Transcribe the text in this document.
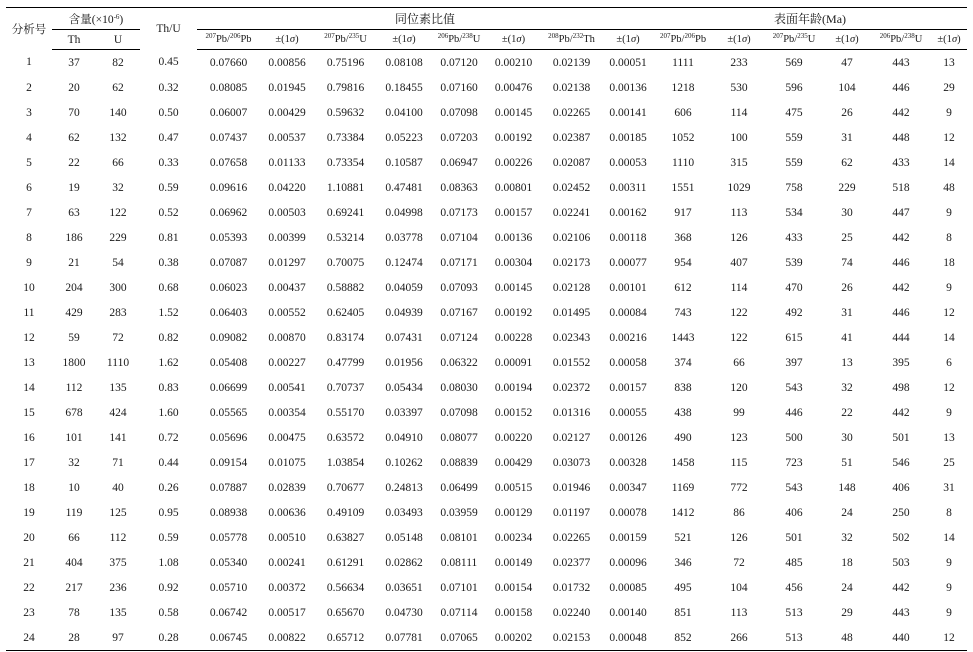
分析号	含量$(\times 10^{-6})$		Th/U	同位素比值								表面年龄(Ma)					
	Th	U		$^{207}$Pb/$^{206}$Pb	±(1σ)	$^{207}$Pb/$^{235}$U	±(1σ)	$^{206}$Pb/$^{238}$U	±(1σ)	$^{208}$Pb/$^{232}$Th	±(1σ)	$^{207}$Pb/$^{206}$Pb	±(1σ)	$^{207}$Pb/$^{235}$U	±(1σ)	$^{206}$Pb/$^{238}$U	±(1σ)
1	37	82	0.45	0.07660	0.00856	0.75196	0.08108	0.07120	0.00210	0.02139	0.00051	1111	233	569	47	443	13
2	20	62	0.32	0.08085	0.01945	0.79816	0.18455	0.07160	0.00476	0.02138	0.00136	1218	530	596	104	446	29
3	70	140	0.50	0.06007	0.00429	0.59632	0.04100	0.07098	0.00145	0.02265	0.00141	606	114	475	26	442	9
4	62	132	0.47	0.07437	0.00537	0.73384	0.05223	0.07203	0.00192	0.02387	0.00185	1052	100	559	31	448	12
5	22	66	0.33	0.07658	0.01133	0.73354	0.10587	0.06947	0.00226	0.02087	0.00053	1110	315	559	62	433	14
6	19	32	0.59	0.09616	0.04220	1.10881	0.47481	0.08363	0.00801	0.02452	0.00311	1551	1029	758	229	518	48
7	63	122	0.52	0.06962	0.00503	0.69241	0.04998	0.07173	0.00157	0.02241	0.00162	917	113	534	30	447	9
8	186	229	0.81	0.05393	0.00399	0.53214	0.03778	0.07104	0.00136	0.02106	0.00118	368	126	433	25	442	8
9	21	54	0.38	0.07087	0.01297	0.70075	0.12474	0.07171	0.00304	0.02173	0.00077	954	407	539	74	446	18
10	204	300	0.68	0.06023	0.00437	0.58882	0.04059	0.07093	0.00145	0.02128	0.00101	612	114	470	26	442	9
11	429	283	1.52	0.06403	0.00552	0.62405	0.04939	0.07167	0.00192	0.01495	0.00084	743	122	492	31	446	12
12	59	72	0.82	0.09082	0.00870	0.83174	0.07431	0.07124	0.00228	0.02343	0.00216	1443	122	615	41	444	14
13	1800	1110	1.62	0.05408	0.00227	0.47799	0.01956	0.06322	0.00091	0.01552	0.00058	374	66	397	13	395	6
14	112	135	0.83	0.06699	0.00541	0.70737	0.05434	0.08030	0.00194	0.02372	0.00157	838	120	543	32	498	12
15	678	424	1.60	0.05565	0.00354	0.55170	0.03397	0.07098	0.00152	0.01316	0.00055	438	99	446	22	442	9
16	101	141	0.72	0.05696	0.00475	0.63572	0.04910	0.08077	0.00220	0.02127	0.00126	490	123	500	30	501	13
17	32	71	0.44	0.09154	0.01075	1.03854	0.10262	0.08839	0.00429	0.03073	0.00328	1458	115	723	51	546	25
18	10	40	0.26	0.07887	0.02839	0.70677	0.24813	0.06499	0.00515	0.01946	0.00347	1169	772	543	148	406	31
19	119	125	0.95	0.08938	0.00636	0.49109	0.03493	0.03959	0.00129	0.01197	0.00078	1412	86	406	24	250	8
20	66	112	0.59	0.05778	0.00510	0.63827	0.05148	0.08101	0.00234	0.02265	0.00159	521	126	501	32	502	14
21	404	375	1.08	0.05340	0.00241	0.61291	0.02862	0.08111	0.00149	0.02377	0.00096	346	72	485	18	503	9
22	217	236	0.92	0.05710	0.00372	0.56634	0.03651	0.07101	0.00154	0.01732	0.00085	495	104	456	24	442	9
23	78	135	0.58	0.06742	0.00517	0.65670	0.04730	0.07114	0.00158	0.02240	0.00140	851	113	513	29	443	9
24	28	97	0.28	0.06745	0.00822	0.65712	0.07781	0.07065	0.00202	0.02153	0.00048	852	266	513	48	440	12
